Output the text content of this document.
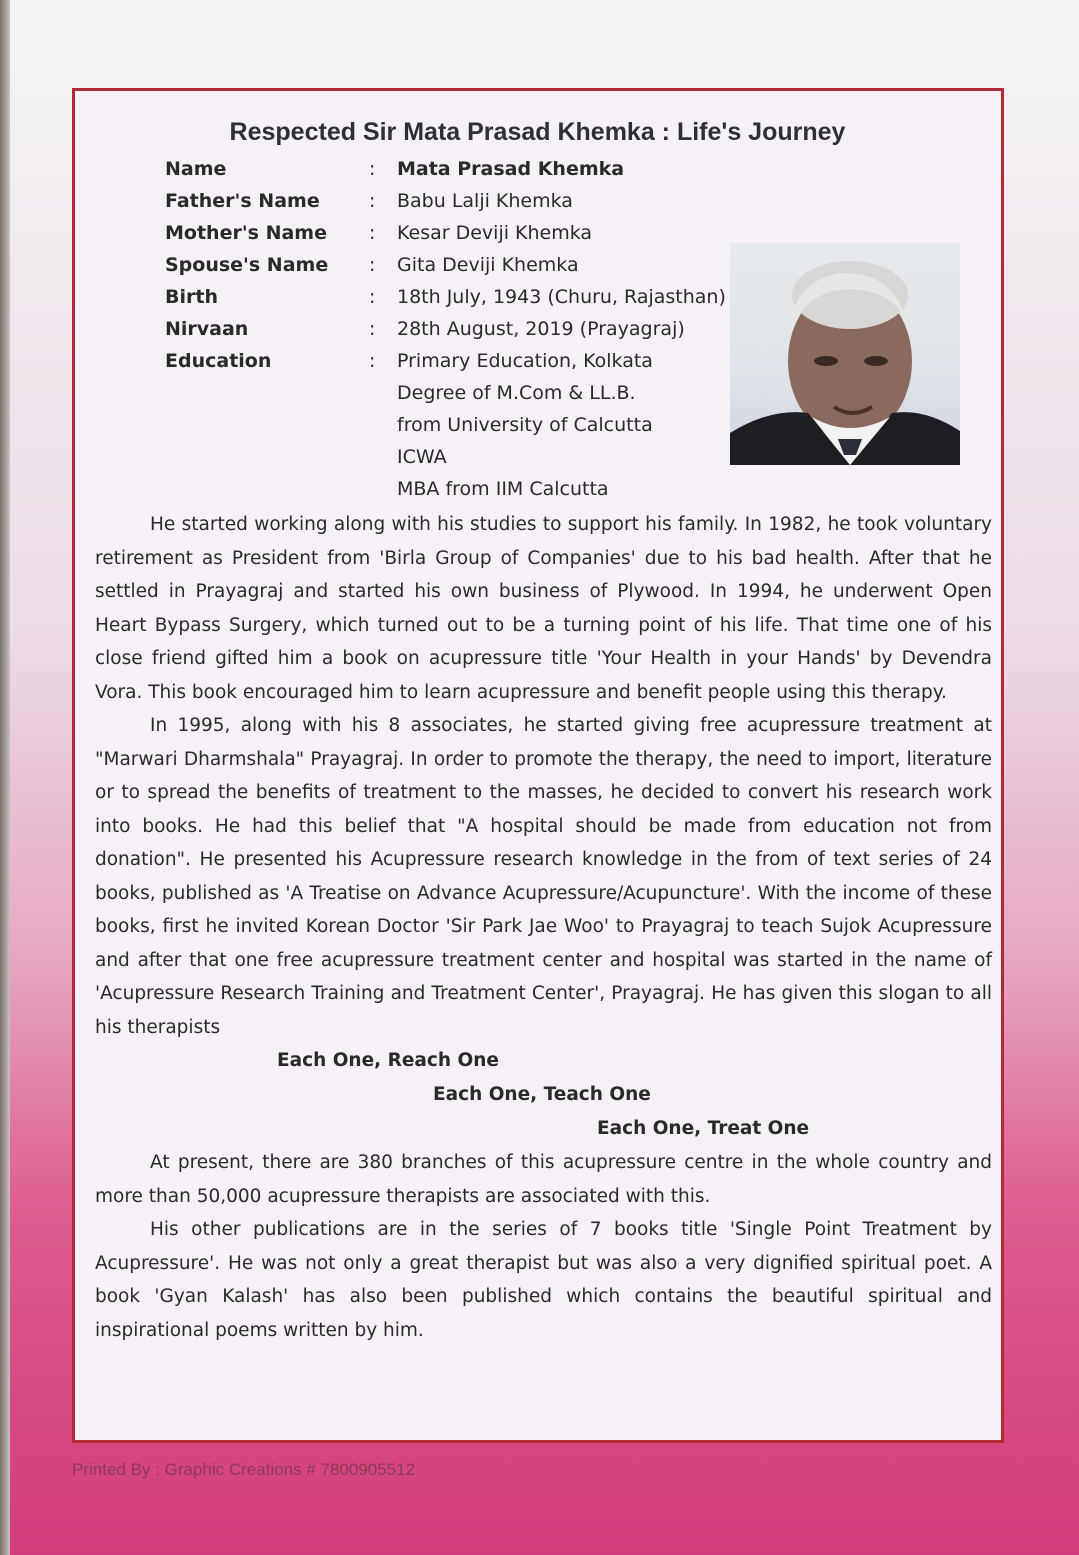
Respected Sir Mata Prasad Khemka : Life's Journey
Name	:	Mata Prasad Khemka
Father's Name	:	Babu Lalji Khemka
Mother's Name	:	Kesar Deviji Khemka
Spouse's Name	:	Gita Deviji Khemka
Birth	:	18th July, 1943 (Churu, Rajasthan)
Nirvaan	:	28th August, 2019 (Prayagraj)
Education	:	Primary Education, Kolkata
Degree of M.Com & LL.B.
from University of Calcutta
ICWA
MBA from IIM Calcutta

He started working along with his studies to support his family. In 1982, he took voluntary retirement as President from 'Birla Group of Companies' due to his bad health. After that he settled in Prayagraj and started his own business of Plywood. In 1994, he underwent Open Heart Bypass Surgery, which turned out to be a turning point of his life. That time one of his close friend gifted him a book on acupressure title 'Your Health in your Hands' by Devendra Vora. This book encouraged him to learn acupressure and benefit people using this therapy.

In 1995, along with his 8 associates, he started giving free acupressure treatment at "Marwari Dharmshala" Prayagraj. In order to promote the therapy, the need to import, literature or to spread the benefits of treatment to the masses, he decided to convert his research work into books. He had this belief that "A hospital should be made from education not from donation". He presented his Acupressure research knowledge in the from of text series of 24 books, published as 'A Treatise on Advance Acupressure/Acupuncture'. With the income of these books, first he invited Korean Doctor 'Sir Park Jae Woo' to Prayagraj to teach Sujok Acupressure and after that one free acupressure treatment center and hospital was started in the name of 'Acupressure Research Training and Treatment Center', Prayagraj. He has given this slogan to all his therapists

Each One, Reach One
Each One, Teach One
Each One, Treat One

At present, there are 380 branches of this acupressure centre in the whole country and more than 50,000 acupressure therapists are associated with this.

His other publications are in the series of 7 books title 'Single Point Treatment by Acupressure'. He was not only a great therapist but was also a very dignified spiritual poet. A book 'Gyan Kalash' has also been published which contains the beautiful spiritual and inspirational poems written by him.

Printed By : Graphic Creations # 7800905512
